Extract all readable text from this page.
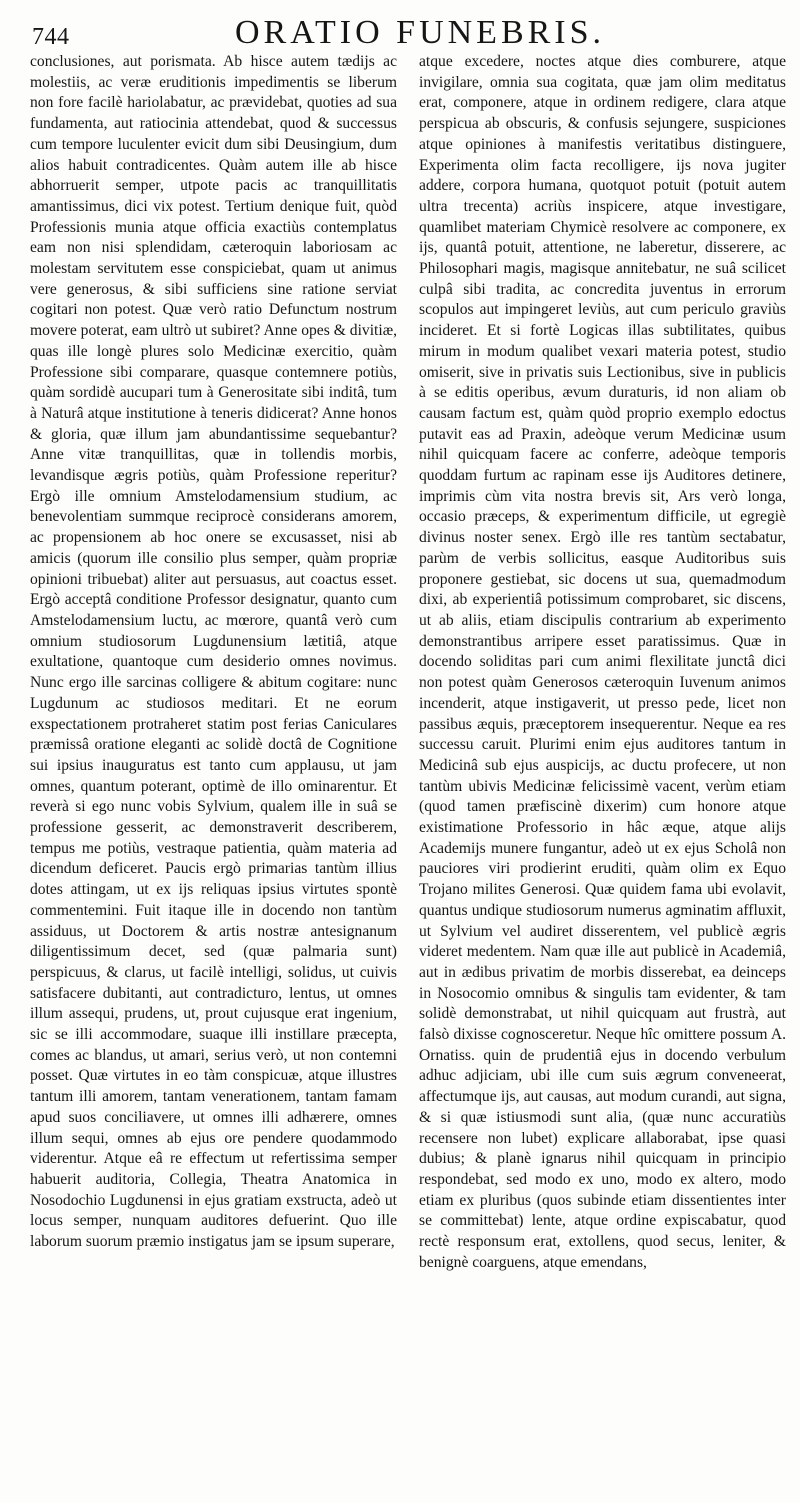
744	ORATIO FUNEBRIS.

conclusiones, aut porismata. Ab hisce autem tædijs ac molestiis, ac veræ eruditionis impedimentis se liberum non fore facilè hariolabatur, ac prævidebat, quoties ad sua fundamenta, aut ratiocinia attendebat, quod & successus cum tempore luculenter evicit dum sibi Deusingium, dum alios habuit contradicentes. Quàm autem ille ab hisce abhorruerit semper, utpote pacis ac tranquillitatis amantissimus, dici vix potest. Tertium denique fuit, quòd Professionis munia atque officia exactiùs contemplatus eam non nisi splendidam, cæteroquin laboriosam ac molestam servitutem esse conspiciebat, quam ut animus vere generosus, & sibi sufficiens sine ratione serviat cogitari non potest. Quæ verò ratio Defunctum nostrum movere poterat, eam ultrò ut subiret? Anne opes & divitiæ, quas ille longè plures solo Medicinæ exercitio, quàm Professione sibi comparare, quasque contemnere potiùs, quàm sordidè aucupari tum à Generositate sibi inditâ, tum à Naturâ atque institutione à teneris didicerat? Anne honos & gloria, quæ illum jam abundantissime sequebantur? Anne vitæ tranquillitas, quæ in tollendis morbis, levandisque ægris potiùs, quàm Professione reperitur? Ergò ille omnium Amstelodamensium studium, ac benevolentiam summque reciprocè considerans amorem, ac propensionem ab hoc onere se excusasset, nisi ab amicis (quorum ille consilio plus semper, quàm propriæ opinioni tribuebat) aliter aut persuasus, aut coactus esset. Ergò acceptâ conditione Professor designatur, quanto cum Amstelodamensium luctu, ac mœrore, quantâ verò cum omnium studiosorum Lugdunensium lætitiâ, atque exultatione, quantoque cum desiderio omnes novimus. Nunc ergo ille sarcinas colligere & abitum cogitare: nunc Lugdunum ac studiosos meditari. Et ne eorum exspectationem protraheret statim post ferias Caniculares præmissâ oratione eleganti ac solidè doctâ de Cognitione sui ipsius inauguratus est tanto cum applausu, ut jam omnes, quantum poterant, optimè de illo ominarentur. Et reverà si ego nunc vobis Sylvium, qualem ille in suâ se professione gesserit, ac demonstraverit describerem, tempus me potiùs, vestraque patientia, quàm materia ad dicendum deficeret. Paucis ergò primarias tantùm illius dotes attingam, ut ex ijs reliquas ipsius virtutes spontè commentemini. Fuit itaque ille in docendo non tantùm assiduus, ut Doctorem & artis nostræ antesignanum diligentissimum decet, sed (quæ palmaria sunt) perspicuus, & clarus, ut facilè intelligi, solidus, ut cuivis satisfacere dubitanti, aut contradicturo, lentus, ut omnes illum assequi, prudens, ut, prout cujusque erat ingenium, sic se illi accommodare, suaque illi instillare præcepta, comes ac blandus, ut amari, serius verò, ut non contemni posset. Quæ virtutes in eo tàm conspicuæ, atque illustres tantum illi amorem, tantam venerationem, tantam famam apud suos conciliavere, ut omnes illi adhærere, omnes illum sequi, omnes ab ejus ore pendere quodammodo viderentur. Atque eâ re effectum ut refertissima semper habuerit auditoria, Collegia, Theatra Anatomica in Nosodochio Lugdunensi in ejus gratiam exstructa, adeò ut locus semper, nunquam auditores defuerint. Quo ille laborum suorum præmio instigatus jam se ipsum superare,

atque excedere, noctes atque dies comburere, atque invigilare, omnia sua cogitata, quæ jam olim meditatus erat, componere, atque in ordinem redigere, clara atque perspicua ab obscuris, & confusis sejungere, suspiciones atque opiniones à manifestis veritatibus distinguere, Experimenta olim facta recolligere, ijs nova jugiter addere, corpora humana, quotquot potuit (potuit autem ultra trecenta) acriùs inspicere, atque investigare, quamlibet materiam Chymicè resolvere ac componere, ex ijs, quantâ potuit, attentione, ne laberetur, disserere, ac Philosophari magis, magisque annitebatur, ne suâ scilicet culpâ sibi tradita, ac concredita juventus in errorum scopulos aut impingeret leviùs, aut cum periculo graviùs incideret. Et si fortè Logicas illas subtilitates, quibus mirum in modum qualibet vexari materia potest, studio omiserit, sive in privatis suis Lectionibus, sive in publicis à se editis operibus, ævum duraturis, id non aliam ob causam factum est, quàm quòd proprio exemplo edoctus putavit eas ad Praxin, adeòque verum Medicinæ usum nihil quicquam facere ac conferre, adeòque temporis quoddam furtum ac rapinam esse ijs Auditores detinere, imprimis cùm vita nostra brevis sit, Ars verò longa, occasio præceps, & experimentum difficile, ut egregiè divinus noster senex. Ergò ille res tantùm sectabatur, parùm de verbis sollicitus, easque Auditoribus suis proponere gestiebat, sic docens ut sua, quemadmodum dixi, ab experientiâ potissimum comprobaret, sic discens, ut ab aliis, etiam discipulis contrarium ab experimento demonstrantibus arripere esset paratissimus. Quæ in docendo soliditas pari cum animi flexilitate junctâ dici non potest quàm Generosos cæteroquin Iuvenum animos incenderit, atque instigaverit, ut presso pede, licet non passibus æquis, præceptorem insequerentur. Neque ea res successu caruit. Plurimi enim ejus auditores tantum in Medicinâ sub ejus auspicijs, ac ductu profecere, ut non tantùm ubivis Medicinæ felicissimè vacent, verùm etiam (quod tamen præfiscinè dixerim) cum honore atque existimatione Professorio in hâc æque, atque alijs Academijs munere fungantur, adeò ut ex ejus Scholâ non pauciores viri prodierint eruditi, quàm olim ex Equo Trojano milites Generosi. Quæ quidem fama ubi evolavit, quantus undique studiosorum numerus agminatim affluxit, ut Sylvium vel audiret disserentem, vel publicè ægris videret medentem. Nam quæ ille aut publicè in Academiâ, aut in ædibus privatim de morbis disserebat, ea deinceps in Nosocomio omnibus & singulis tam evidenter, & tam solidè demonstrabat, ut nihil quicquam aut frustrà, aut falsò dixisse cognosceretur. Neque hîc omittere possum A. Ornatiss. quin de prudentiâ ejus in docendo verbulum adhuc adjiciam, ubi ille cum suis ægrum conveneerat, affectumque ijs, aut causas, aut modum curandi, aut signa, & si quæ istiusmodi sunt alia, (quæ nunc accuratiùs recensere non lubet) explicare allaborabat, ipse quasi dubius; & planè ignarus nihil quicquam in principio respondebat, sed modo ex uno, modo ex altero, modo etiam ex pluribus (quos subinde etiam dissentientes inter se committebat) lente, atque ordine expiscabatur, quod rectè responsum erat, extollens, quod secus, leniter, & benignè coarguens, atque emendans,
